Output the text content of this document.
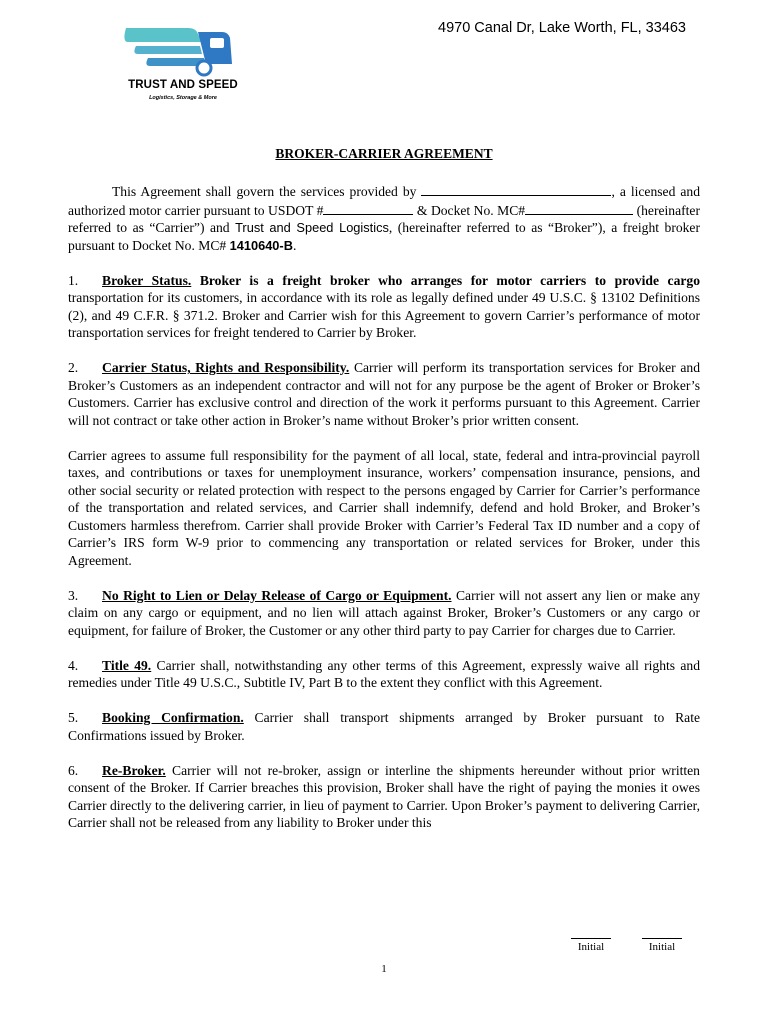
TRUST AND SPEED
Logistics, Storage & More
4970 Canal Dr, Lake Worth, FL, 33463
BROKER-CARRIER AGREEMENT

This Agreement shall govern the services provided by	, a licensed and authorized motor carrier pursuant to USDOT #	& Docket No. MC#	(hereinafter referred to as “Carrier”) and Trust and Speed Logistics, (hereinafter referred to as “Broker”), a freight broker pursuant to Docket No. MC# 1410640-B.

1. Broker Status. Broker is a freight broker who arranges for motor carriers to provide cargo transportation for its customers, in accordance with its role as legally defined under 49 U.S.C. § 13102 Definitions (2), and 49 C.F.R. § 371.2. Broker and Carrier wish for this Agreement to govern Carrier’s performance of motor transportation services for freight tendered to Carrier by Broker.

2. Carrier Status, Rights and Responsibility. Carrier will perform its transportation services for Broker and Broker’s Customers as an independent contractor and will not for any purpose be the agent of Broker or Broker’s Customers. Carrier has exclusive control and direction of the work it performs pursuant to this Agreement. Carrier will not contract or take other action in Broker’s name without Broker’s prior written consent.

Carrier agrees to assume full responsibility for the payment of all local, state, federal and intra-provincial payroll taxes, and contributions or taxes for unemployment insurance, workers’ compensation insurance, pensions, and other social security or related protection with respect to the persons engaged by Carrier for Carrier’s performance of the transportation and related services, and Carrier shall indemnify, defend and hold Broker, and Broker’s Customers harmless therefrom. Carrier shall provide Broker with Carrier’s Federal Tax ID number and a copy of Carrier’s IRS form W-9 prior to commencing any transportation or related services for Broker, under this Agreement.

3. No Right to Lien or Delay Release of Cargo or Equipment. Carrier will not assert any lien or make any claim on any cargo or equipment, and no lien will attach against Broker, Broker’s Customers or any cargo or equipment, for failure of Broker, the Customer or any other third party to pay Carrier for charges due to Carrier.

4. Title 49. Carrier shall, notwithstanding any other terms of this Agreement, expressly waive all rights and remedies under Title 49 U.S.C., Subtitle IV, Part B to the extent they conflict with this Agreement.

5. Booking Confirmation. Carrier shall transport shipments arranged by Broker pursuant to Rate Confirmations issued by Broker.

6. Re-Broker. Carrier will not re-broker, assign or interline the shipments hereunder without prior written consent of the Broker. If Carrier breaches this provision, Broker shall have the right of paying the monies it owes Carrier directly to the delivering carrier, in lieu of payment to Carrier. Upon Broker’s payment to delivering Carrier, Carrier shall not be released from any liability to Broker under this

Initial	Initial
1
